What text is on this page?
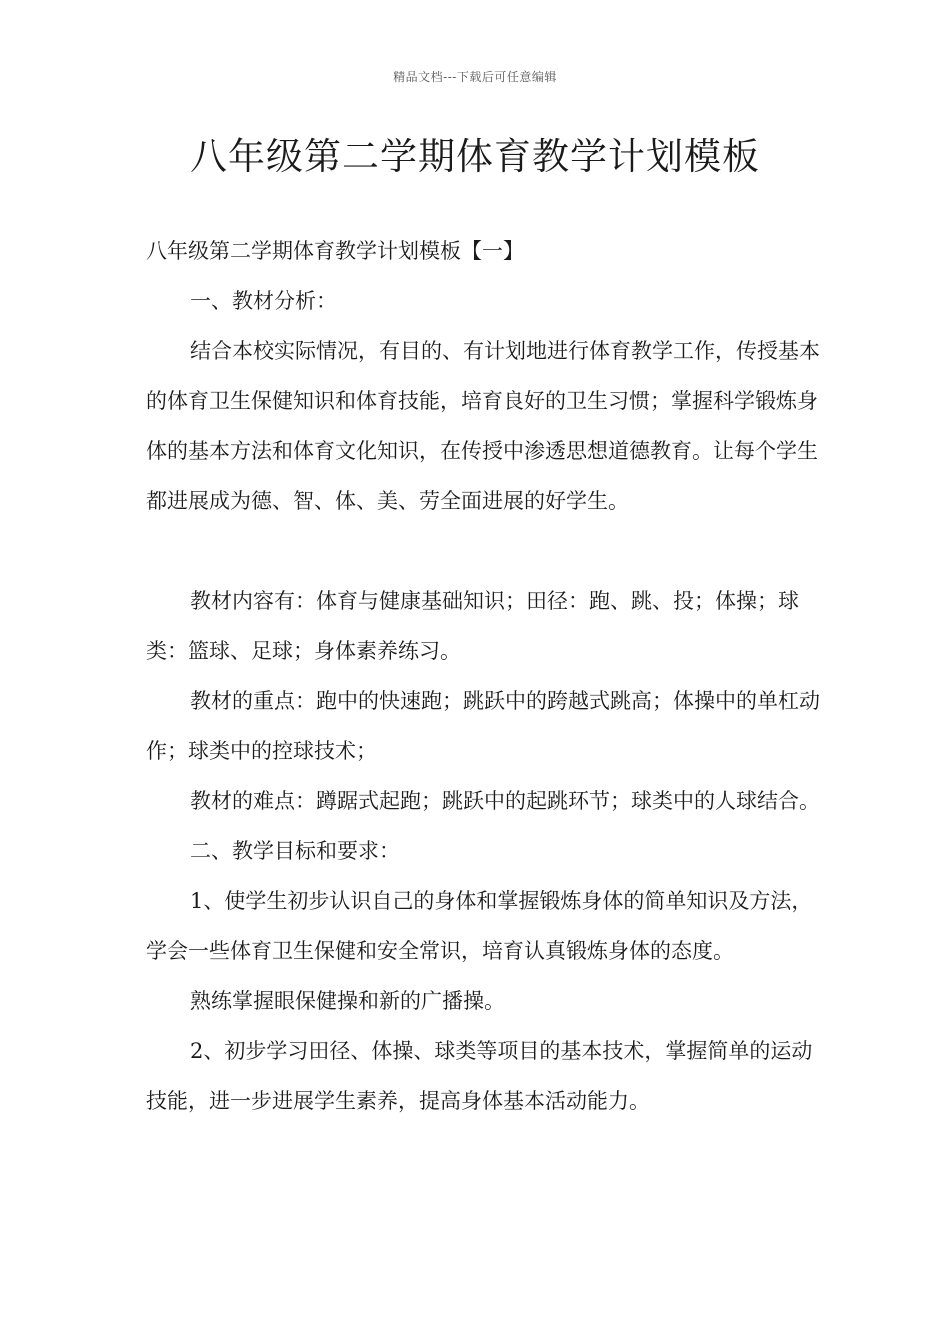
精品文档---下载后可任意编辑
八年级第二学期体育教学计划模板

八年级第二学期体育教学计划模板【一】

一、教材分析：

结合本校实际情况，有目的、有计划地进行体育教学工作，传授基本的体育卫生保健知识和体育技能，培育良好的卫生习惯；掌握科学锻炼身体的基本方法和体育文化知识，在传授中渗透思想道德教育。让每个学生都进展成为德、智、体、美、劳全面进展的好学生。

教材内容有：体育与健康基础知识；田径：跑、跳、投；体操；球类：篮球、足球；身体素养练习。

教材的重点：跑中的快速跑；跳跃中的跨越式跳高；体操中的单杠动作；球类中的控球技术；

教材的难点：蹲踞式起跑；跳跃中的起跳环节；球类中的人球结合。

二、教学目标和要求：

1、使学生初步认识自己的身体和掌握锻炼身体的简单知识及方法，学会一些体育卫生保健和安全常识，培育认真锻炼身体的态度。

熟练掌握眼保健操和新的广播操。

2、初步学习田径、体操、球类等项目的基本技术，掌握简单的运动技能，进一步进展学生素养，提高身体基本活动能力。
